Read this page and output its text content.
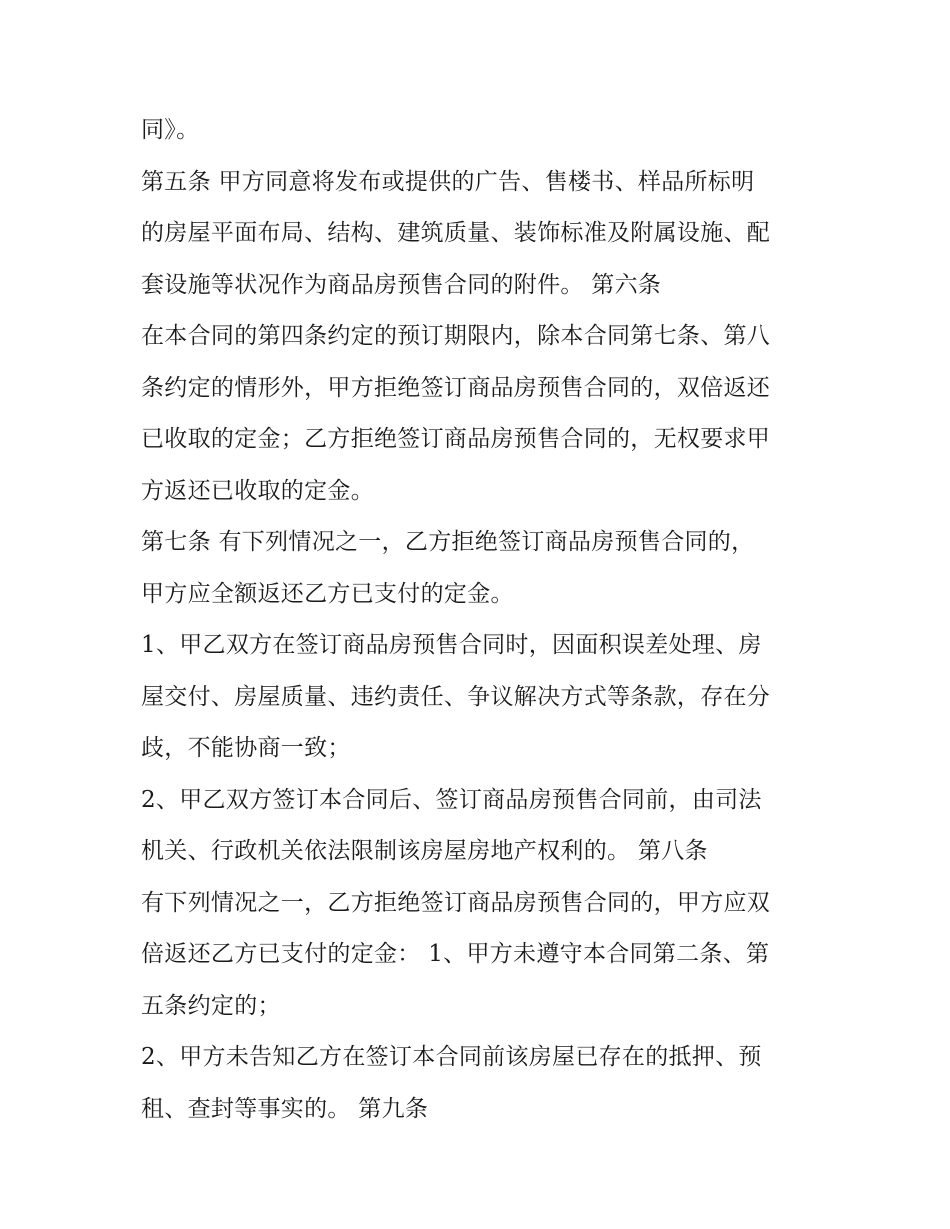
同》。
第五条 甲方同意将发布或提供的广告、售楼书、样品所标明
的房屋平面布局、结构、建筑质量、装饰标准及附属设施、配
套设施等状况作为商品房预售合同的附件。 第六条
在本合同的第四条约定的预订期限内，除本合同第七条、第八
条约定的情形外，甲方拒绝签订商品房预售合同的，双倍返还
已收取的定金；乙方拒绝签订商品房预售合同的，无权要求甲
方返还已收取的定金。
第七条 有下列情况之一，乙方拒绝签订商品房预售合同的，
甲方应全额返还乙方已支付的定金。
1、甲乙双方在签订商品房预售合同时，因面积误差处理、房
屋交付、房屋质量、违约责任、争议解决方式等条款，存在分
歧，不能协商一致；
2、甲乙双方签订本合同后、签订商品房预售合同前，由司法
机关、行政机关依法限制该房屋房地产权利的。 第八条
有下列情况之一，乙方拒绝签订商品房预售合同的，甲方应双
倍返还乙方已支付的定金： 1、甲方未遵守本合同第二条、第
五条约定的；
2、甲方未告知乙方在签订本合同前该房屋已存在的抵押、预
租、查封等事实的。 第九条
